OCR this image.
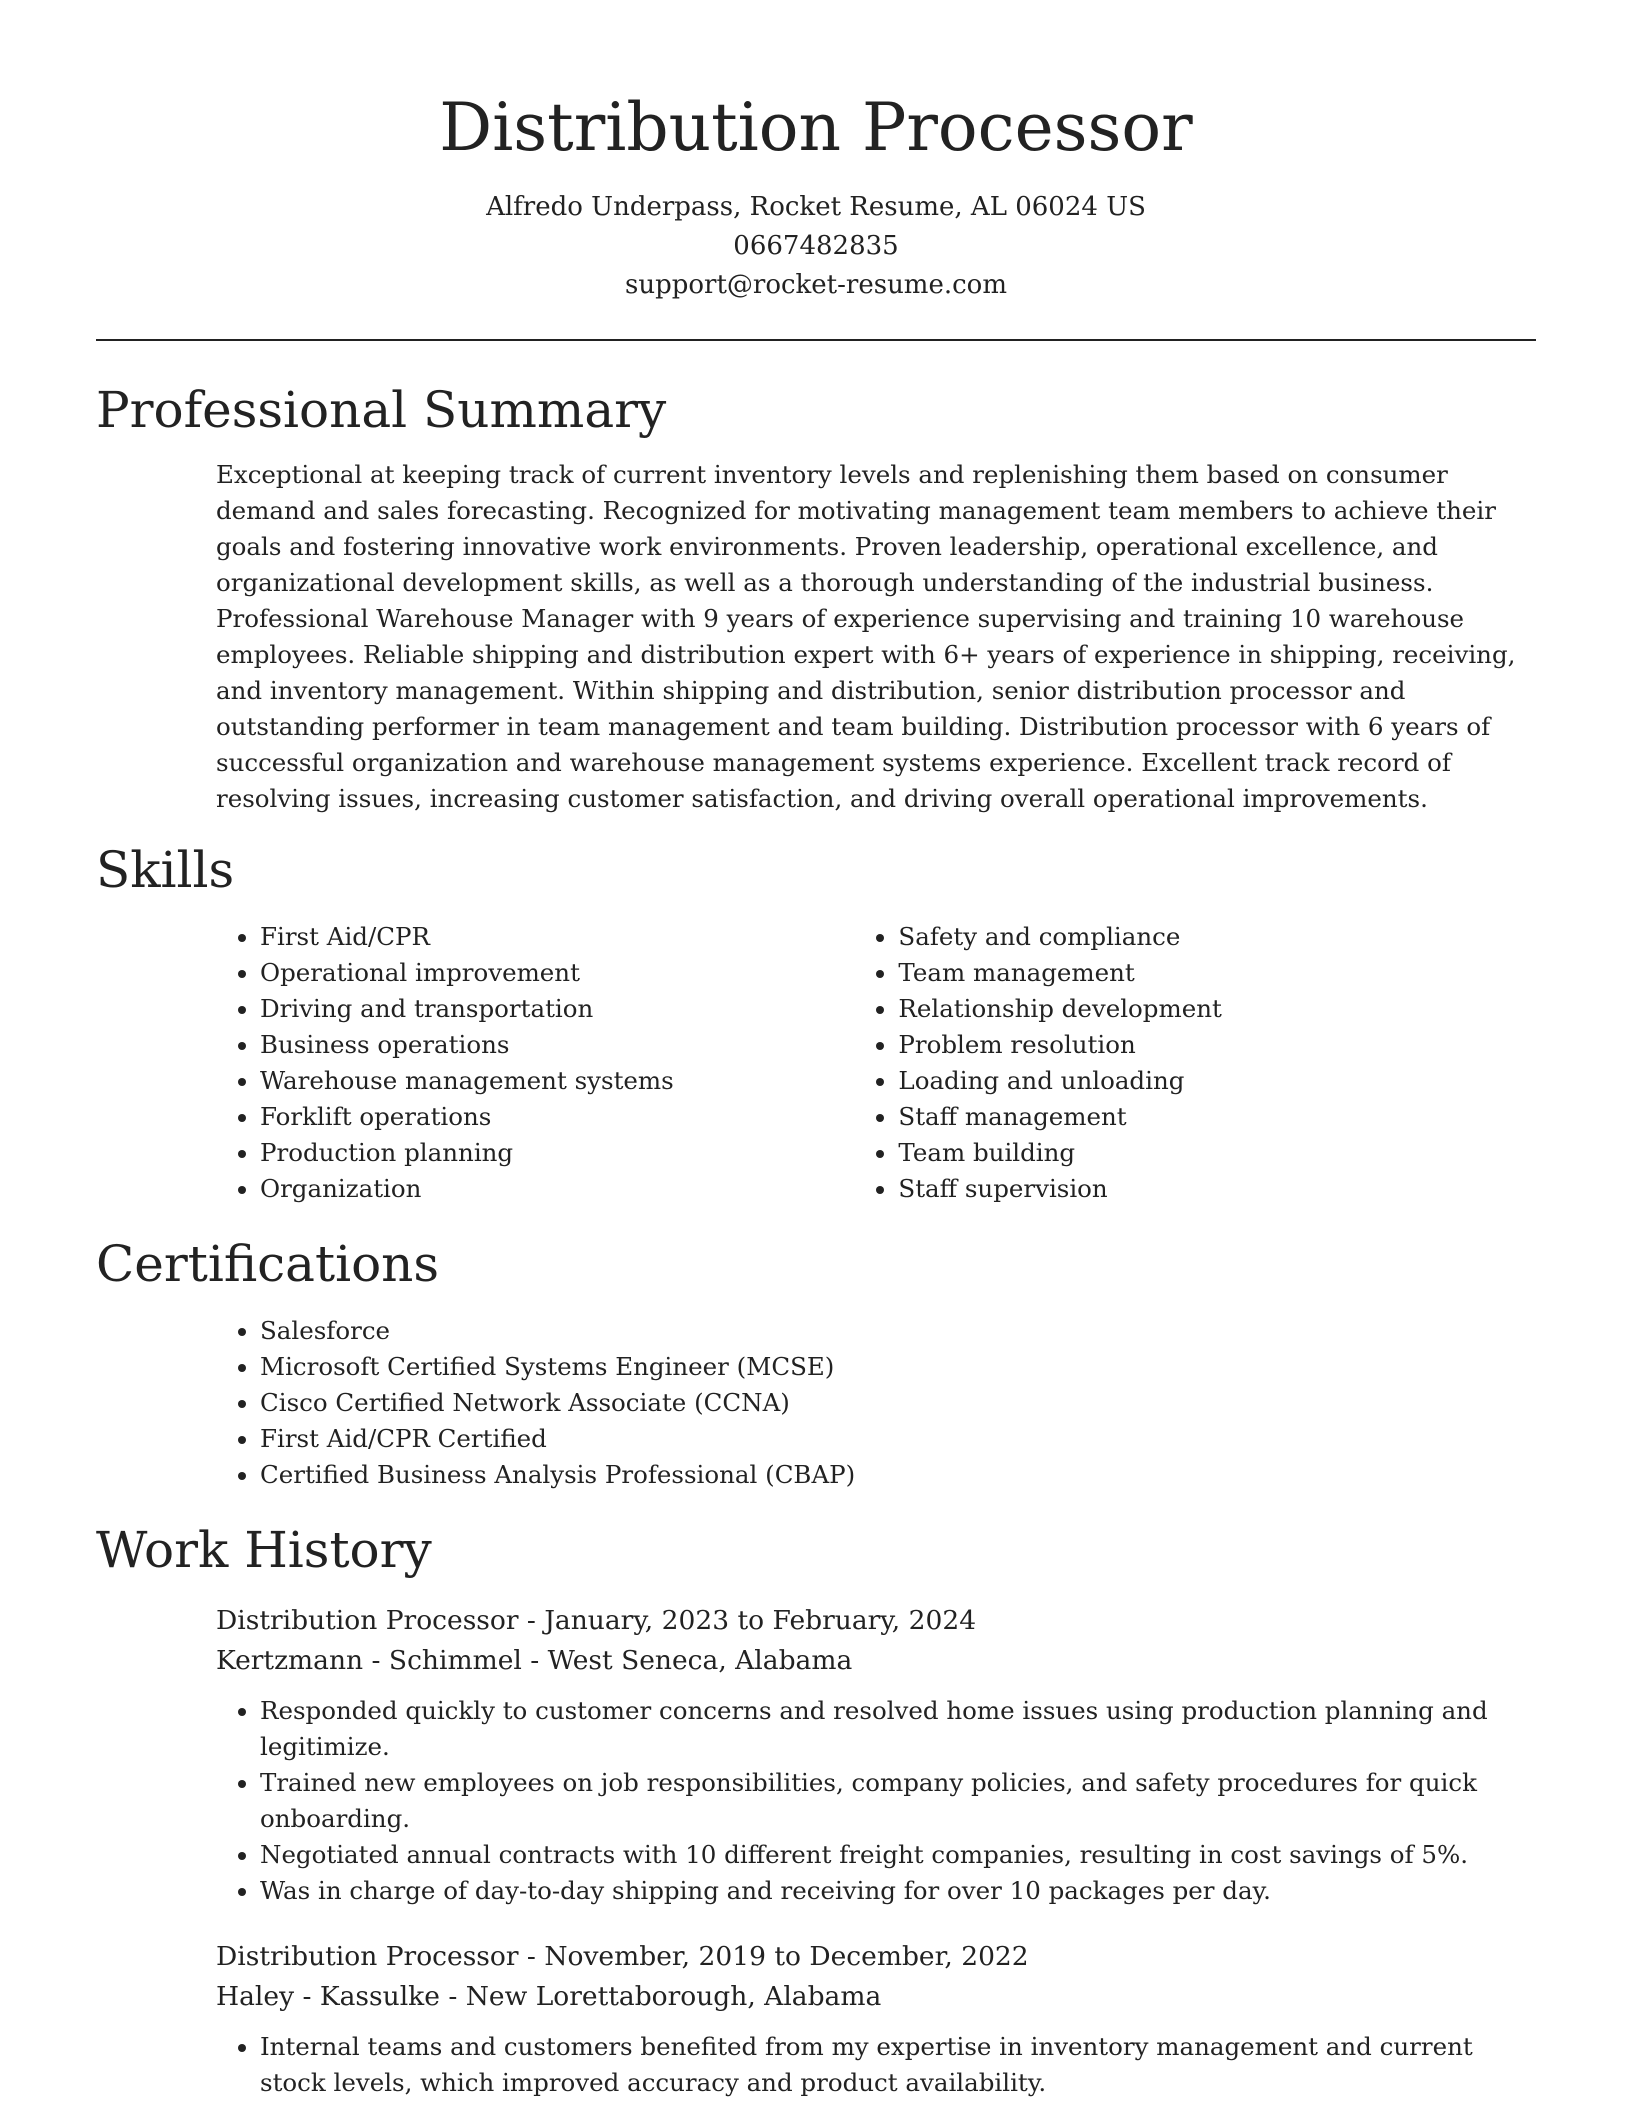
Distribution Processor

Alfredo Underpass, Rocket Resume, AL 06024 US

0667482835

support@rocket-resume.com

Professional Summary

Exceptional at keeping track of current inventory levels and replenishing them based on consumer demand and sales forecasting. Recognized for motivating management team members to achieve their goals and fostering innovative work environments. Proven leadership, operational excellence, and organizational development skills, as well as a thorough understanding of the industrial business. Professional Warehouse Manager with 9 years of experience supervising and training 10 warehouse employees. Reliable shipping and distribution expert with 6+ years of experience in shipping, receiving, and inventory management. Within shipping and distribution, senior distribution processor and outstanding performer in team management and team building. Distribution processor with 6 years of successful organization and warehouse management systems experience. Excellent track record of resolving issues, increasing customer satisfaction, and driving overall operational improvements.

Skills
• First Aid/CPR
• Operational improvement
• Driving and transportation
• Business operations
• Warehouse management systems
• Forklift operations
• Production planning
• Organization
• Safety and compliance
• Team management
• Relationship development
• Problem resolution
• Loading and unloading
• Staff management
• Team building
• Staff supervision
Certifications
• Salesforce
• Microsoft Certified Systems Engineer (MCSE)
• Cisco Certified Network Associate (CCNA)
• First Aid/CPR Certified
• Certified Business Analysis Professional (CBAP)
Work History

Distribution Processor - January, 2023 to February, 2024

Kertzmann - Schimmel - West Seneca, Alabama

• Responded quickly to customer concerns and resolved home issues using production planning and legitimize.
• Trained new employees on job responsibilities, company policies, and safety procedures for quick onboarding.
• Negotiated annual contracts with 10 different freight companies, resulting in cost savings of 5%.
• Was in charge of day-to-day shipping and receiving for over 10 packages per day.

Distribution Processor - November, 2019 to December, 2022

Haley - Kassulke - New Lorettaborough, Alabama

• Internal teams and customers benefited from my expertise in inventory management and current stock levels, which improved accuracy and product availability.
